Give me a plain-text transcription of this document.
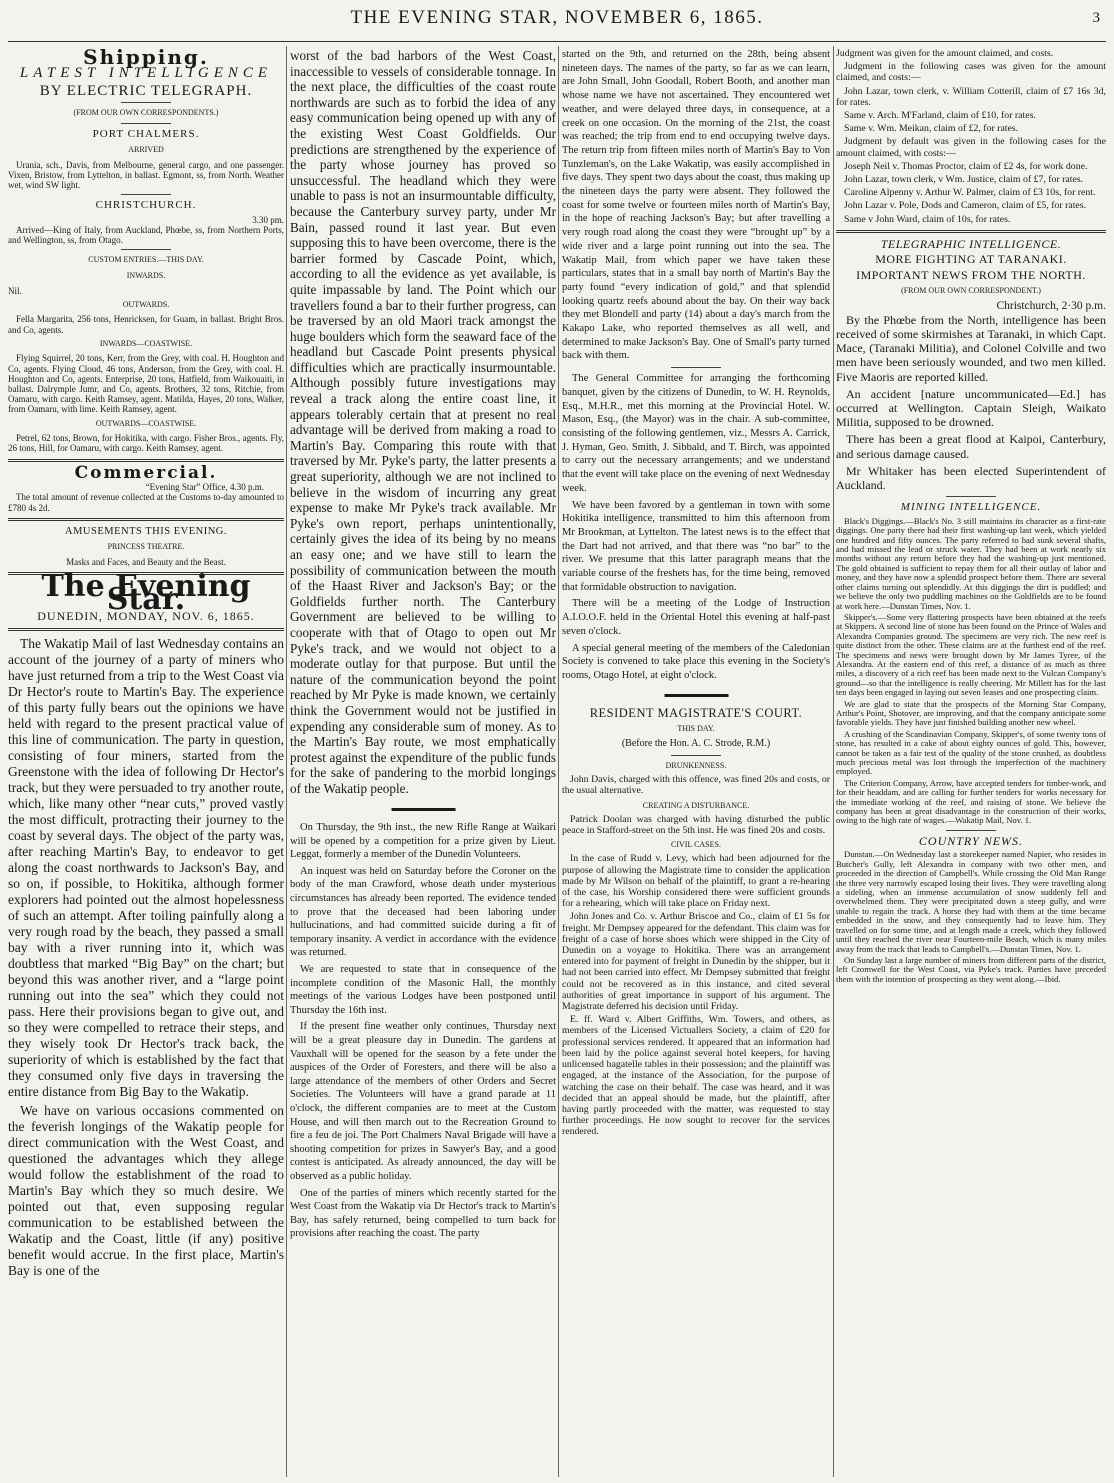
THE EVENING STAR, NOVEMBER 6, 1865.	3
Shipping.
LATEST INTELLIGENCE
BY ELECTRIC TELEGRAPH.
(FROM OUR OWN CORRESPONDENTS.)
PORT CHALMERS.
ARRIVED

Urania, sch., Davis, from Melbourne, general cargo, and one passenger. Vixen, Bristow, from Lyttelton, in ballast. Egmont, ss, from North. Weather wet, wind SW light.

CHRISTCHURCH.
3.30 pm.

Arrived—King of Italy, from Auckland, Phœbe, ss, from Northern Ports, and Wellington, ss, from Otago.

CUSTOM ENTRIES.—THIS DAY.
INWARDS.
Nil.
OUTWARDS.

Fella Margarita, 256 tons, Henricksen, for Guam, in ballast. Bright Bros. and Co, agents.

INWARDS—COASTWISE.

Flying Squirrel, 20 tons, Kerr, from the Grey, with coal. H. Houghton and Co, agents. Flying Cloud, 46 tons, Anderson, from the Grey, with coal. H. Houghton and Co, agents. Enterprise, 20 tons, Hatfield, from Waikouaiti, in ballast. Dalrymple Jumr, and Co, agents. Brothers, 32 tons, Ritchie, from Oamaru, with cargo. Keith Ramsey, agent. Matilda, Hayes, 20 tons, Walker, from Oamaru, with lime. Keith Ramsey, agent.

OUTWARDS—COASTWISE.

Petrel, 62 tons, Brown, for Hokitika, with cargo. Fisher Bros., agents. Fly, 26 tons, Hill, for Oamaru, with cargo. Keith Ramsey, agent.

Commercial.
“Evening Star” Office, 4.30 p.m.

The total amount of revenue collected at the Customs to-day amounted to £780 4s 2d.

AMUSEMENTS THIS EVENING.
PRINCESS THEATRE.
Masks and Faces, and Beauty and the Beast.
The Evening Star.
DUNEDIN, MONDAY, NOV. 6, 1865.

The Wakatip Mail of last Wednesday contains an account of the journey of a party of miners who have just returned from a trip to the West Coast via Dr Hector's route to Martin's Bay. The experience of this party fully bears out the opinions we have held with regard to the present practical value of this line of communication. The party in question, consisting of four miners, started from the Greenstone with the idea of following Dr Hector's track, but they were persuaded to try another route, which, like many other “near cuts,” proved vastly the most difficult, protracting their journey to the coast by several days. The object of the party was, after reaching Martin's Bay, to endeavor to get along the coast northwards to Jackson's Bay, and so on, if possible, to Hokitika, although former explorers had pointed out the almost hopelessness of such an attempt. After toiling painfully along a very rough road by the beach, they passed a small bay with a river running into it, which was doubtless that marked “Big Bay” on the chart; but beyond this was another river, and a “large point running out into the sea” which they could not pass. Here their provisions began to give out, and so they were compelled to retrace their steps, and they wisely took Dr Hector's track back, the superiority of which is established by the fact that they consumed only five days in traversing the entire distance from Big Bay to the Wakatip.

We have on various occasions commented on the feverish longings of the Wakatip people for direct communication with the West Coast, and questioned the advantages which they allege would follow the establishment of the road to Martin's Bay which they so much desire. We pointed out that, even supposing regular communication to be established between the Wakatip and the Coast, little (if any) positive benefit would accrue. In the first place, Martin's Bay is one of the

worst of the bad harbors of the West Coast, inaccessible to vessels of considerable tonnage. In the next place, the difficulties of the coast route northwards are such as to forbid the idea of any easy communication being opened up with any of the existing West Coast Goldfields. Our predictions are strengthened by the experience of the party whose journey has proved so unsuccessful. The headland which they were unable to pass is not an insurmountable difficulty, because the Canterbury survey party, under Mr Bain, passed round it last year. But even supposing this to have been overcome, there is the barrier formed by Cascade Point, which, according to all the evidence as yet available, is quite impassable by land. The Point which our travellers found a bar to their further progress, can be traversed by an old Maori track amongst the huge boulders which form the seaward face of the headland but Cascade Point presents physical difficulties which are practically insurmountable. Although possibly future investigations may reveal a track along the entire coast line, it appears tolerably certain that at present no real advantage will be derived from making a road to Martin's Bay. Comparing this route with that traversed by Mr. Pyke's party, the latter presents a great superiority, although we are not inclined to believe in the wisdom of incurring any great expense to make Mr Pyke's track available. Mr Pyke's own report, perhaps unintentionally, certainly gives the idea of its being by no means an easy one; and we have still to learn the possibility of communication between the mouth of the Haast River and Jackson's Bay; or the Goldfields further north. The Canterbury Government are believed to be willing to cooperate with that of Otago to open out Mr Pyke's track, and we would not object to a moderate outlay for that purpose. But until the nature of the communication beyond the point reached by Mr Pyke is made known, we certainly think the Government would not be justified in expending any considerable sum of money. As to the Martin's Bay route, we most emphatically protest against the expenditure of the public funds for the sake of pandering to the morbid longings of the Wakatip people.

▬▬▬▬▬▬▬

On Thursday, the 9th inst., the new Rifle Range at Waikari will be opened by a competition for a prize given by Lieut. Leggat, formerly a member of the Dunedin Volunteers.

An inquest was held on Saturday before the Coroner on the body of the man Crawford, whose death under mysterious circumstances has already been reported. The evidence tended to prove that the deceased had been laboring under hullucinations, and had committed suicide during a fit of temporary insanity. A verdict in accordance with the evidence was returned.

We are requested to state that in consequence of the incomplete condition of the Masonic Hall, the monthly meetings of the various Lodges have been postponed until Thursday the 16th inst.

If the present fine weather only continues, Thursday next will be a great pleasure day in Dunedin. The gardens at Vauxhall will be opened for the season by a fete under the auspices of the Order of Foresters, and there will be also a large attendance of the members of other Orders and Secret Societies. The Volunteers will have a grand parade at 11 o'clock, the different companies are to meet at the Custom House, and will then march out to the Recreation Ground to fire a feu de joi. The Port Chalmers Naval Brigade will have a shooting competition for prizes in Sawyer's Bay, and a good contest is anticipated. As already announced, the day will be observed as a public holiday.

One of the parties of miners which recently started for the West Coast from the Wakatip via Dr Hector's track to Martin's Bay, has safely returned, being compelled to turn back for provisions after reaching the coast. The party

started on the 9th, and returned on the 28th, being absent nineteen days. The names of the party, so far as we can learn, are John Small, John Goodall, Robert Booth, and another man whose name we have not ascertained. They encountered wet weather, and were delayed three days, in consequence, at a creek on one occasion. On the morning of the 21st, the coast was reached; the trip from end to end occupying twelve days. The return trip from fifteen miles north of Martin's Bay to Von Tunzleman's, on the Lake Wakatip, was easily accomplished in five days. They spent two days about the coast, thus making up the nineteen days the party were absent. They followed the coast for some twelve or fourteen miles north of Martin's Bay, in the hope of reaching Jackson's Bay; but after travelling a very rough road along the coast they were “brought up” by a wide river and a large point running out into the sea. The Wakatip Mail, from which paper we have taken these particulars, states that in a small bay north of Martin's Bay the party found “every indication of gold,” and that splendid looking quartz reefs abound about the bay. On their way back they met Blondell and party (14) about a day's march from the Kakapo Lake, who reported themselves as all well, and determined to make Jackson's Bay. One of Small's party turned back with them.

The General Committee for arranging the forthcoming banquet, given by the citizens of Dunedin, to W. H. Reynolds, Esq., M.H.R., met this morning at the Provincial Hotel. W. Mason, Esq., (the Mayor) was in the chair. A sub-committee, consisting of the following gentlemen, viz., Messrs A. Carrick, J. Hyman, Geo. Smith, J. Sibbald, and T. Birch, was appointed to carry out the necessary arrangements; and we understand that the event will take place on the evening of next Wednesday week.

We have been favored by a gentleman in town with some Hokitika intelligence, transmitted to him this afternoon from Mr Brookman, at Lyttelton. The latest news is to the effect that the Dart had not arrived, and that there was “no bar” to the river. We presume that this latter paragraph means that the variable course of the freshets has, for the time being, removed that formidable obstruction to navigation.

There will be a meeting of the Lodge of Instruction A.I.O.O.F. held in the Oriental Hotel this evening at half-past seven o'clock.

A special general meeting of the members of the Caledonian Society is convened to take place this evening in the Society's rooms, Otago Hotel, at eight o'clock.

▬▬▬▬▬▬▬
RESIDENT MAGISTRATE'S COURT.
THIS DAY.
(Before the Hon. A. C. Strode, R.M.)
DRUNKENNESS.

John Davis, charged with this offence, was fined 20s and costs, or the usual alternative.

CREATING A DISTURBANCE.

Patrick Doolan was charged with having disturbed the public peace in Stafford-street on the 5th inst. He was fined 20s and costs.

CIVIL CASES.

In the case of Rudd v. Levy, which had been adjourned for the purpose of allowing the Magistrate time to consider the application made by Mr Wilson on behalf of the plaintiff, to grant a re-hearing of the case, his Worship considered there were sufficient grounds for a rehearing, which will take place on Friday next.

John Jones and Co. v. Arthur Briscoe and Co., claim of £1 5s for freight. Mr Dempsey appeared for the defendant. This claim was for freight of a case of horse shoes which were shipped in the City of Dunedin on a voyage to Hokitika. There was an arrangement entered into for payment of freight in Dunedin by the shipper, but it had not been carried into effect. Mr Dempsey submitted that freight could not be recovered as in this instance, and cited several authorities of great importance in support of his argument. The Magistrate deferred his decision until Friday.

E. ff. Ward v. Albert Griffiths, Wm. Towers, and others, as members of the Licensed Victuallers Society, a claim of £20 for professional services rendered. It appeared that an information had been laid by the police against several hotel keepers, for having unlicensed bagatelle tables in their possession; and the plaintiff was engaged, at the instance of the Association, for the purpose of watching the case on their behalf. The case was heard, and it was decided that an appeal should be made, but the plaintiff, after having partly proceeded with the matter, was requested to stay further proceedings. He now sought to recover for the services rendered.

Judgment was given for the amount claimed, and costs.

Judgment in the following cases was given for the amount claimed, and costs:—

John Lazar, town clerk, v. William Cotterill, claim of £7 16s 3d, for rates.

Same v. Arch. M'Farland, claim of £10, for rates.

Same v. Wm. Meikan, claim of £2, for rates.

Judgment by default was given in the following cases for the amount claimed, with costs:—

Joseph Neil v. Thomas Proctor, claim of £2 4s, for work done.

John Lazar, town clerk, v Wm. Justice, claim of £7, for rates.

Caroline Alpenny v. Arthur W. Palmer, claim of £3 10s, for rent.

John Lazar v. Pole, Dods and Cameron, claim of £5, for rates.

Same v John Ward, claim of 10s, for rates.

TELEGRAPHIC INTELLIGENCE.
MORE FIGHTING AT TARANAKI.
IMPORTANT NEWS FROM THE NORTH.
(FROM OUR OWN CORRESPONDENT.)
Christchurch, 2·30 p.m.

By the Phœbe from the North, intelligence has been received of some skirmishes at Taranaki, in which Capt. Mace, (Taranaki Militia), and Colonel Colville and two men have been seriously wounded, and two men killed. Five Maoris are reported killed.

An accident [nature uncommunicated—Ed.] has occurred at Wellington. Captain Sleigh, Waikato Militia, supposed to be drowned.

There has been a great flood at Kaipoi, Canterbury, and serious damage caused.

Mr Whitaker has been elected Superintendent of Auckland.

MINING INTELLIGENCE.

Black's Diggings.—Black's No. 3 still maintains its character as a first-rate diggings. One party there had their first washing-up last week, which yielded one hundred and fifty ounces. The party referred to had sunk several shafts, and had missed the lead or struck water. They had been at work nearly six months without any return before they had the washing-up just mentioned. The gold obtained is sufficient to repay them for all their outlay of labor and money, and they have now a splendid prospect before them. There are several other claims turning out splendidly. At this diggings the dirt is puddled; and we believe the only two puddling machines on the Goldfields are to be found at work here.—Dunstan Times, Nov. 1.

Skipper's.—Some very flattering prospects have been obtained at the reefs at Skippers. A second line of stone has been found on the Prince of Wales and Alexandra Companies ground. The specimens are very rich. The new reef is quite distinct from the other. These claims are at the furthest end of the reef. The specimens and news were brought down by Mr James Tyree, of the Alexandra. At the eastern end of this reef, a distance of as much as three miles, a discovery of a rich reef has been made next to the Vulcan Company's ground—so that the intelligence is really cheering. Mr Millett has for the last ten days been engaged in laying out seven leases and one prospecting claim.

We are glad to state that the prospects of the Morning Star Company, Arthur's Point, Shotover, are improving, and that the company anticipate some favorable yields. They have just finished building another new wheel.

A crushing of the Scandinavian Company, Skipper's, of some twenty tons of stone, has resulted in a cake of about eighty ounces of gold. This, however, cannot be taken as a fair test of the quality of the stone crushed, as doubtless much precious metal was lost through the imperfection of the machinery employed.

The Criterion Company, Arrow, have accepted tenders for timber-work, and for their headdam, and are calling for further tenders for works necessary for the immediate working of the reef, and raising of stone. We believe the company has been at great disadvantage in the construction of their works, owing to the high rate of wages.—Wakatip Mail, Nov. 1.

COUNTRY NEWS.

Dunstan.—On Wednesday last a storekeeper named Napier, who resides in Butcher's Gully, left Alexandra in company with two other men, and proceeded in the direction of Campbell's. While crossing the Old Man Range the three very narrowly escaped losing their lives. They were travelling along a sideling, when an immense accumulation of snow suddenly fell and overwhelmed them. They were precipitated down a steep gully, and were unable to regain the track. A horse they had with them at the time became embedded in the snow, and they consequently had to leave him. They travelled on for some time, and at length made a creek, which they followed until they reached the river near Fourteen-mile Beach, which is many miles away from the track that leads to Campbell's.—Dunstan Times, Nov. 1.

On Sunday last a large number of miners from different parts of the district, left Cromwell for the West Coast, via Pyke's track. Parties have preceded them with the intention of prospecting as they went along.—Ibid.
